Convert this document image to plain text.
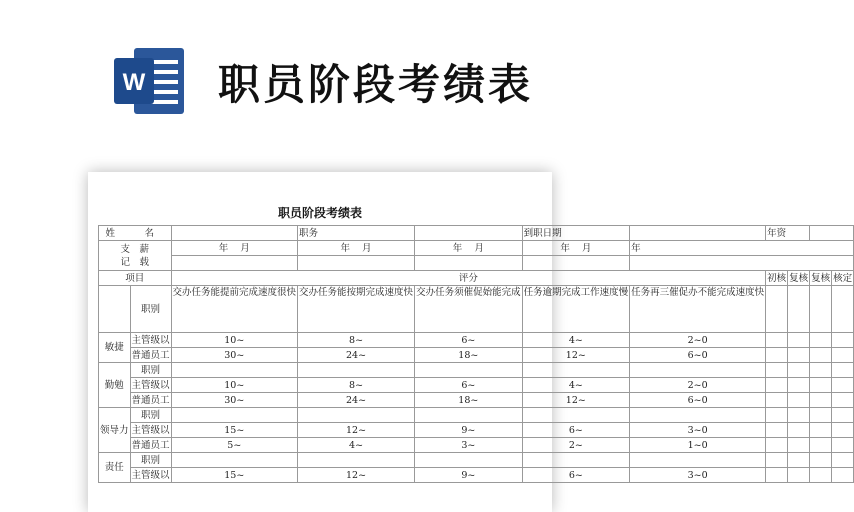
W 职员阶段考绩表
职员阶段考绩表
姓　名			职务		到职日期		年资			
支　薪
记　载		年 月	年 月	年 月	年 月	年				

项目		评分					初核	复核	复核	核定
	职别	交办任务能提前完成速度很快	交办任务能按期完成速度快	交办任务须催促始能完成	任务逾期完成工作速度慢	任务再三催促办不能完成速度快				
敏捷	主管级以	10~	8~	6~	4~	2~0				
	普通员工	30~	24~	18~	12~	6~0				
勤勉	职别									
	主管级以	10~	8~	6~	4~	2~0				
	普通员工	30~	24~	18~	12~	6~0				
领导力	职别									
	主管级以	15~	12~	9~	6~	3~0				
	普通员工	5~	4~	3~	2~	1~0				
责任	职别									
	主管级以	15~	12~	9~	6~	3~0				
